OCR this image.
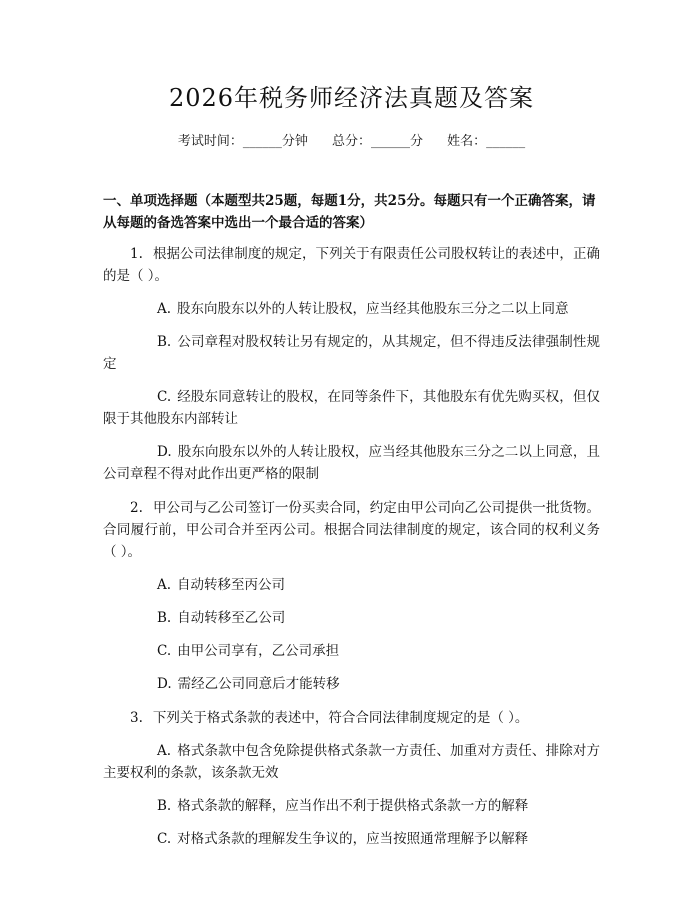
2026年税务师经济法真题及答案
考试时间：______分钟 总分：______分 姓名：______
一、单项选择题（本题型共25题，每题1分，共25分。每题只有一个正确答案，请从每题的备选答案中选出一个最合适的答案）
1. 根据公司法律制度的规定，下列关于有限责任公司股权转让的表述中，正确的是（ ）。
A. 股东向股东以外的人转让股权，应当经其他股东三分之二以上同意
B. 公司章程对股权转让另有规定的，从其规定，但不得违反法律强制性规定
C. 经股东同意转让的股权，在同等条件下，其他股东有优先购买权，但仅限于其他股东内部转让
D. 股东向股东以外的人转让股权，应当经其他股东三分之二以上同意，且公司章程不得对此作出更严格的限制
2. 甲公司与乙公司签订一份买卖合同，约定由甲公司向乙公司提供一批货物。合同履行前，甲公司合并至丙公司。根据合同法律制度的规定，该合同的权利义务（ ）。
A. 自动转移至丙公司
B. 自动转移至乙公司
C. 由甲公司享有，乙公司承担
D. 需经乙公司同意后才能转移
3. 下列关于格式条款的表述中，符合合同法律制度规定的是（ ）。
A. 格式条款中包含免除提供格式条款一方责任、加重对方责任、排除对方主要权利的条款，该条款无效
B. 格式条款的解释，应当作出不利于提供格式条款一方的解释
C. 对格式条款的理解发生争议的，应当按照通常理解予以解释
